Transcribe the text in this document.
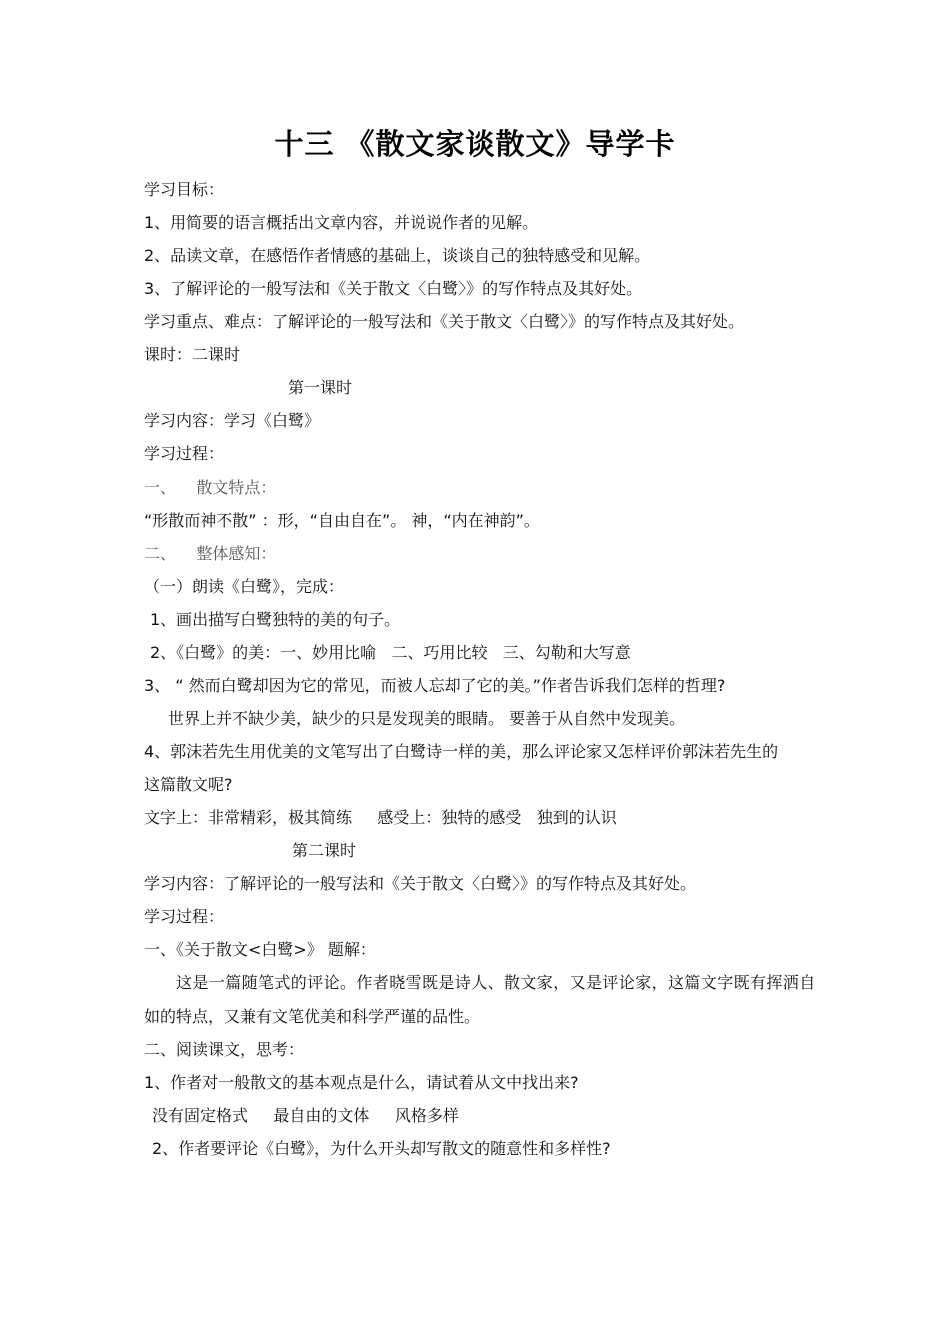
十三 《散文家谈散文》导学卡
学习目标：
1、用简要的语言概括出文章内容，并说说作者的见解。
2、品读文章，在感悟作者情感的基础上，谈谈自己的独特感受和见解。
3、了解评论的一般写法和《关于散文〈白鹭〉》的写作特点及其好处。
学习重点、难点：了解评论的一般写法和《关于散文〈白鹭〉》的写作特点及其好处。
课时：二课时
第一课时
学习内容：学习《白鹭》
学习过程：
一、    散文特点：
“形散而神不散” ：形，“自由自在”。 神，“内在神韵”。
二、    整体感知：
（一）朗读《白鹭》，完成：
1、画出描写白鹭独特的美的句子。
2、《白鹭》的美：一、妙用比喻   二、巧用比较   三、勾勒和大写意
3、 “ 然而白鹭却因为它的常见，而被人忘却了它的美。”作者告诉我们怎样的哲理?
世界上并不缺少美，缺少的只是发现美的眼睛。 要善于从自然中发现美。
4、郭沫若先生用优美的文笔写出了白鹭诗一样的美，那么评论家又怎样评价郭沫若先生的
这篇散文呢?
文字上：非常精彩，极其简练     感受上：独特的感受   独到的认识
第二课时
学习内容：了解评论的一般写法和《关于散文〈白鹭〉》的写作特点及其好处。
学习过程：
一、《关于散文<白鹭>》 题解：
这是一篇随笔式的评论。作者晓雪既是诗人、散文家，又是评论家，这篇文字既有挥洒自
如的特点，又兼有文笔优美和科学严谨的品性。
二、阅读课文，思考：
1、作者对一般散文的基本观点是什么，请试着从文中找出来?
没有固定格式     最自由的文体     风格多样
2、作者要评论《白鹭》，为什么开头却写散文的随意性和多样性?
